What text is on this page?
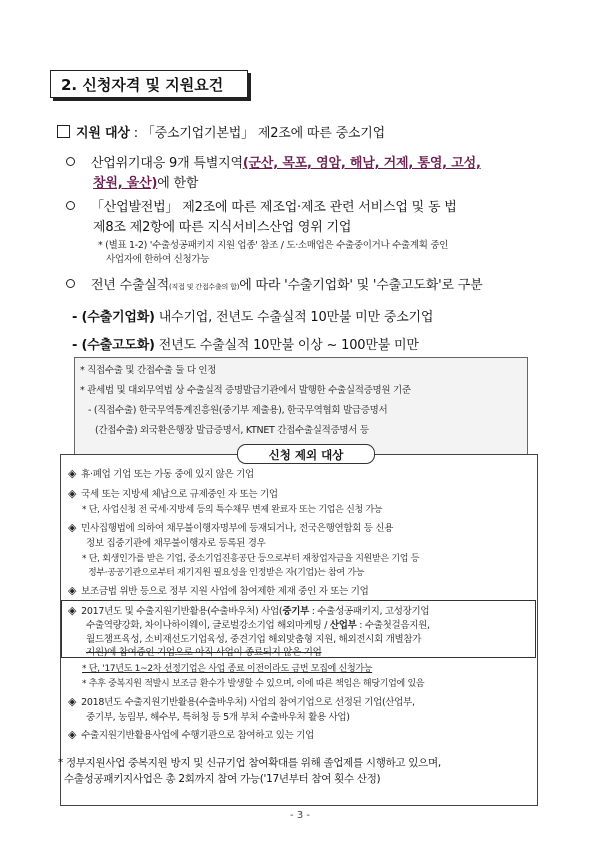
2. 신청자격 및 지원요건
지원 대상 : 「중소기업기본법」 제2조에 따른 중소기업
산업위기대응 9개 특별지역(군산, 목포, 영암, 해남, 거제, 통영, 고성,
창원, 울산)에 한함
「산업발전법」 제2조에 따른 제조업·제조 관련 서비스업 및 동 법
제8조 제2항에 따른 지식서비스산업 영위 기업
* (별표 1-2) '수출성공패키지 지원 업종' 참조 / 도·소매업은 수출중이거나 수출계획 중인
사업자에 한하여 신청가능
전년 수출실적(직접 및 간접수출의 합)에 따라 '수출기업화' 및 '수출고도화'로 구분
- (수출기업화) 내수기업, 전년도 수출실적 10만불 미만 중소기업
- (수출고도화) 전년도 수출실적 10만불 이상 ~ 100만불 미만
* 직접수출 및 간접수출 둘 다 인정
* 관세법 및 대외무역법 상 수출실적 증명발급기관에서 발행한 수출실적증명원 기준
- (직접수출) 한국무역통계진흥원(중기부 제출용), 한국무역협회 발급증명서
(간접수출) 외국환은행장 발급증명서, KTNET 간접수출실적증명서 등
신청 제외 대상
◈ 휴·폐업 기업 또는 가동 중에 있지 않은 기업
◈ 국세 또는 지방세 체납으로 규제중인 자 또는 기업
* 단, 사업신청 전 국세·지방세 등의 특수채무 변제 완료자 또는 기업은 신청 가능
◈ 민사집행법에 의하여 채무불이행자명부에 등재되거나, 전국은행연합회 등 신용
정보 집중기관에 채무불이행자로 등록된 경우
* 단, 회생인가를 받은 기업, 중소기업진흥공단 등으로부터 재창업자금을 지원받은 기업 등
정부·공공기관으로부터 재기지원 필요성을 인정받은 자(기업)는 참여 가능
◈ 보조금법 위반 등으로 정부 지원 사업에 참여제한 제재 중인 자 또는 기업
◈ 2017년도 및 수출지원기반활용(수출바우처) 사업(중기부 : 수출성공패키지, 고성장기업
수출역량강화, 차이나하이웨이, 글로벌강소기업 해외마케팅 / 산업부 : 수출첫걸음지원,
월드챔프육성, 소비재선도기업육성, 중견기업 해외맞춤형 지원, 해외전시회 개별참가
지원)에 참여중인 기업으로 아직 사업이 종료되지 않은 기업
* 단, '17년도 1~2차 선정기업은 사업 종료 이전이라도 금번 모집에 신청가능
* 추후 중복지원 적발시 보조금 환수가 발생할 수 있으며, 이에 따른 책임은 해당기업에 있음
◈ 2018년도 수출지원기반활용(수출바우처) 사업의 참여기업으로 선정된 기업(산업부,
중기부, 농림부, 해수부, 특허청 등 5개 부처 수출바우처 활용 사업)
◈ 수출지원기반활용사업에 수행기관으로 참여하고 있는 기업
* 정부지원사업 중복지원 방지 및 신규기업 참여확대를 위해 졸업제를 시행하고 있으며,
수출성공패키지사업은 총 2회까지 참여 가능('17년부터 참여 횟수 산정)
- 3 -
